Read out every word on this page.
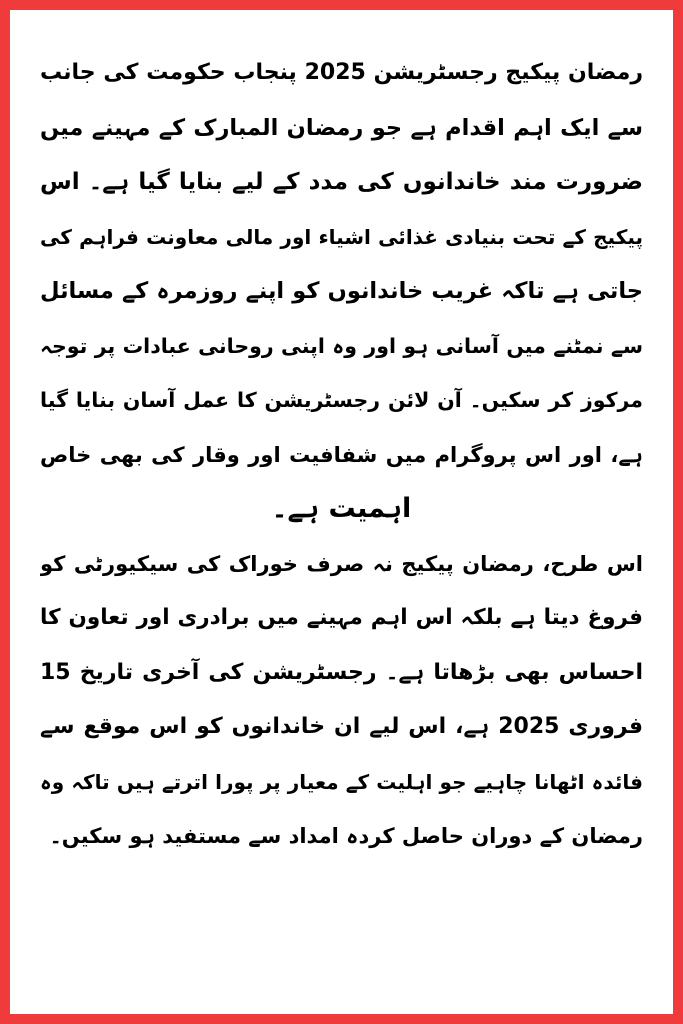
رمضان پیکیج رجسٹریشن 2025 پنجاب حکومت کی جانب
سے ایک اہم اقدام ہے جو رمضان المبارک کے مہینے میں
ضرورت مند خاندانوں کی مدد کے لیے بنایا گیا ہے۔ اس
پیکیج کے تحت بنیادی غذائی اشیاء اور مالی معاونت فراہم کی
جاتی ہے تاکہ غریب خاندانوں کو اپنے روزمرہ کے مسائل
سے نمٹنے میں آسانی ہو اور وہ اپنی روحانی عبادات پر توجہ
مرکوز کر سکیں۔ آن لائن رجسٹریشن کا عمل آسان بنایا گیا
ہے، اور اس پروگرام میں شفافیت اور وقار کی بھی خاص
اہمیت ہے۔
اس طرح، رمضان پیکیج نہ صرف خوراک کی سیکیورٹی کو
فروغ دیتا ہے بلکہ اس اہم مہینے میں برادری اور تعاون کا
احساس بھی بڑھاتا ہے۔ رجسٹریشن کی آخری تاریخ 15
فروری 2025 ہے، اس لیے ان خاندانوں کو اس موقع سے
فائدہ اٹھانا چاہیے جو اہلیت کے معیار پر پورا اترتے ہیں تاکہ وہ
رمضان کے دوران حاصل کردہ امداد سے مستفید ہو سکیں۔
